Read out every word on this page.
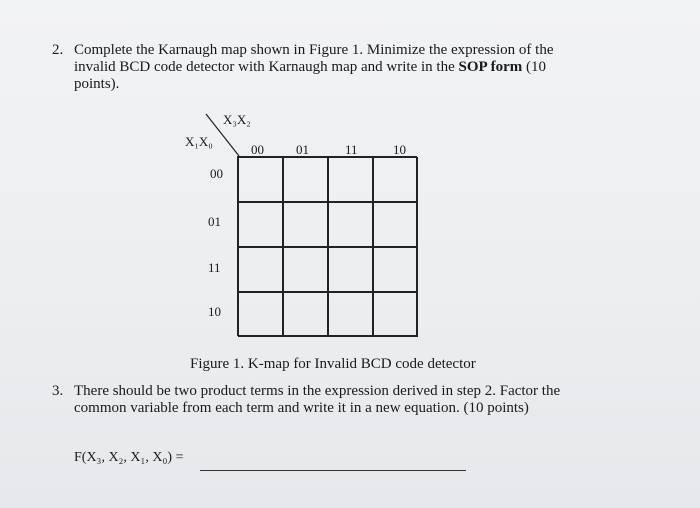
2. Complete the Karnaugh map shown in Figure 1. Minimize the expression of the
invalid BCD code detector with Karnaugh map and write in the SOP form (10
points).
X₃X₂
X₁X₀
00 01	11	10
00
01
11
10
Figure 1. K-map for Invalid BCD code detector
3. There should be two product terms in the expression derived in step 2. Factor the
common variable from each term and write it in a new equation. (10 points)
F(X₃, X₂, X₁, X₀) =
